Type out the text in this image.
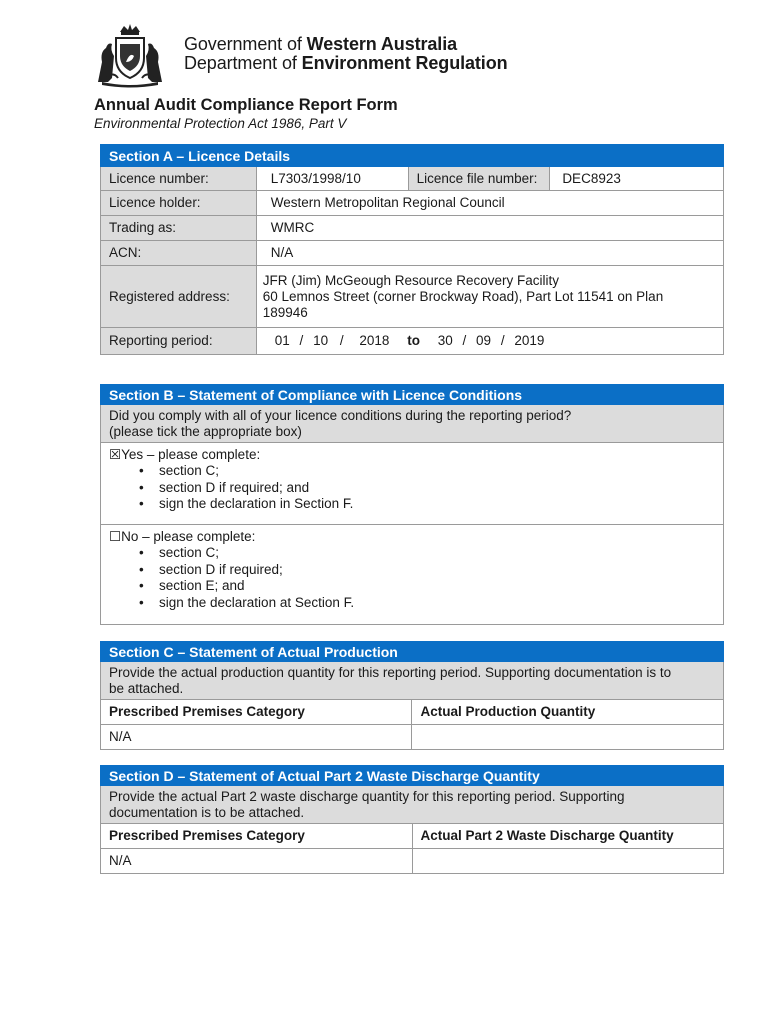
Government of Western Australia
Department of Environment Regulation
Annual Audit Compliance Report Form
Environmental Protection Act 1986, Part V
Section A – Licence Details			
Licence number:	L7303/1998/10	Licence file number:	DEC8923
Licence holder:	Western Metropolitan Regional Council		
Trading as:	WMRC		
ACN:	N/A		
Registered address:	JFR (Jim) McGeough Resource Recovery Facility
60 Lemnos Street (corner Brockway Road), Part Lot 11541 on Plan
189946		

Reporting period:	01 / 10 / 2018 to 30 / 09 / 2019		
Section B – Statement of Compliance with Licence Conditions

Did you comply with all of your licence conditions during the reporting period?
(please tick the appropriate box)

☒Yes – please complete:
• section C;
• section D if required; and
• sign the declaration in Section F.

☐No – please complete:
• section C;
• section D if required;
• section E; and
• sign the declaration at Section F.
Section C – Statement of Actual Production	

Provide the actual production quantity for this reporting period. Supporting documentation is to
be attached.	

Prescribed Premises Category	Actual Production Quantity
N/A	
Section D – Statement of Actual Part 2 Waste Discharge Quantity	

Provide the actual Part 2 waste discharge quantity for this reporting period. Supporting
documentation is to be attached.	

Prescribed Premises Category	Actual Part 2 Waste Discharge Quantity
N/A	
